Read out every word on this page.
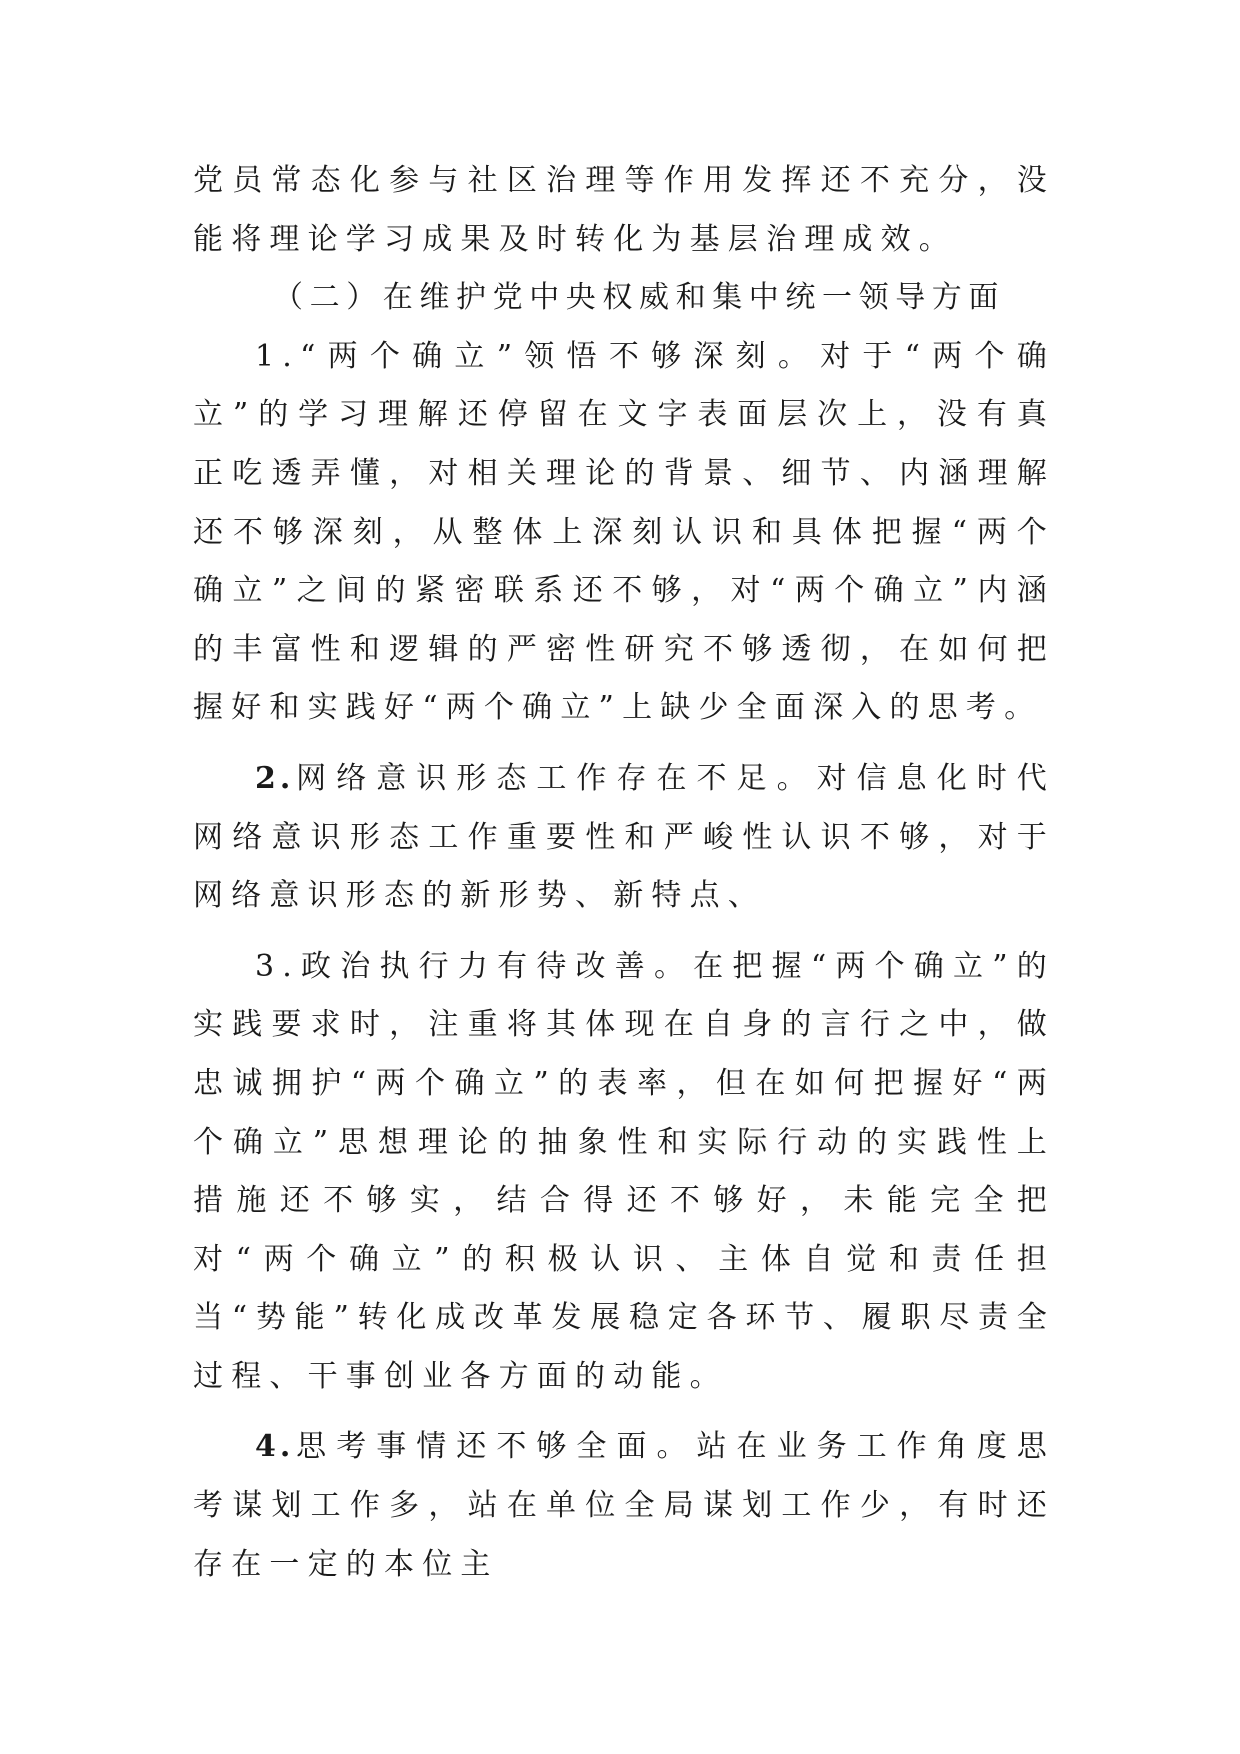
党员常态化参与社区治理等作用发挥还不充分，没能将理论学习成果及时转化为基层治理成效。

（二）在维护党中央权威和集中统一领导方面

1.“两个确立”领悟不够深刻。对于“两个确立”的学习理解还停留在文字表面层次上，没有真正吃透弄懂，对相关理论的背景、细节、内涵理解还不够深刻，从整体上深刻认识和具体把握“两个确立”之间的紧密联系还不够，对“两个确立”内涵的丰富性和逻辑的严密性研究不够透彻，在如何把握好和实践好“两个确立”上缺少全面深入的思考。

2.网络意识形态工作存在不足。对信息化时代网络意识形态工作重要性和严峻性认识不够，对于网络意识形态的新形势、新特点、

3.政治执行力有待改善。在把握“两个确立”的实践要求时，注重将其体现在自身的言行之中，做忠诚拥护“两个确立”的表率，但在如何把握好“两个确立”思想理论的抽象性和实际行动的实践性上措施还不够实，结合得还不够好，未能完全把对“两个确立”的积极认识、主体自觉和责任担当“势能”转化成改革发展稳定各环节、履职尽责全过程、干事创业各方面的动能。

4.思考事情还不够全面。站在业务工作角度思考谋划工作多，站在单位全局谋划工作少，有时还存在一定的本位主
